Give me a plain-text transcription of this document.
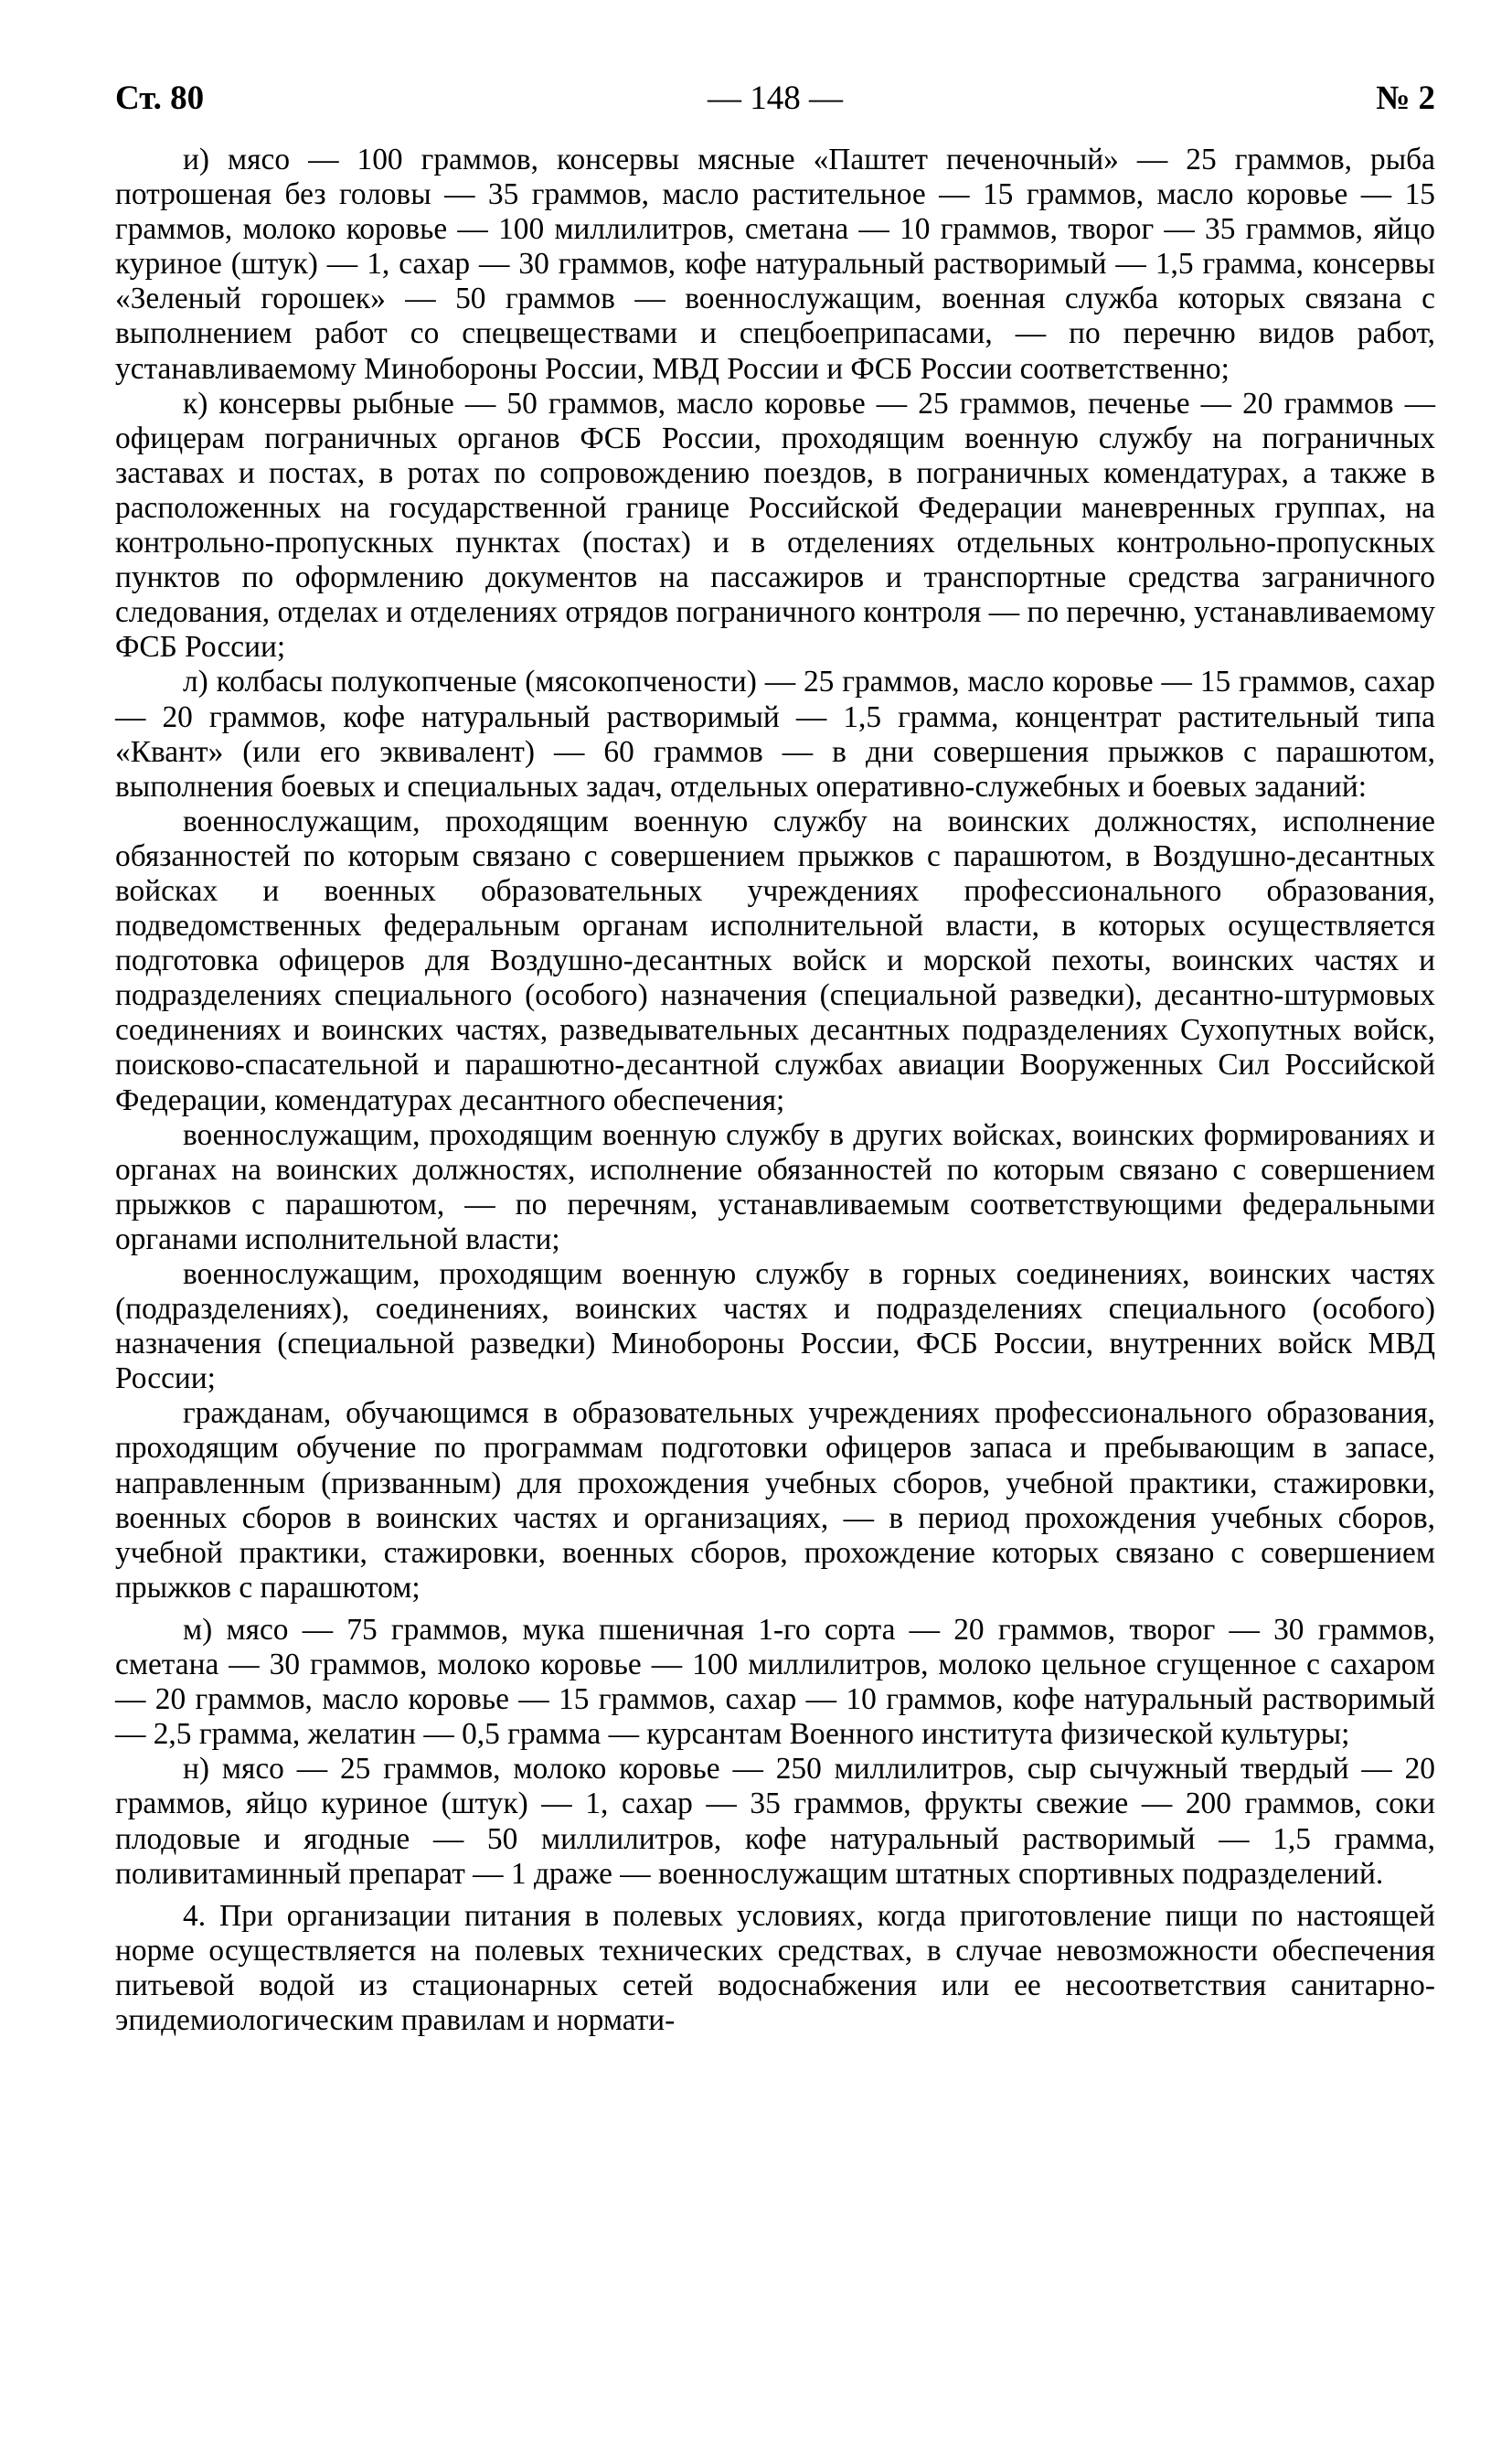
Ст. 80	— 148 —	№ 2

и) мясо — 100 граммов, консервы мясные «Паштет печеночный» — 25 граммов, рыба потрошеная без головы — 35 граммов, масло растительное — 15 граммов, масло коровье — 15 граммов, молоко коровье — 100 миллилитров, сметана — 10 граммов, творог — 35 граммов, яйцо куриное (штук) — 1, сахар — 30 граммов, кофе натуральный растворимый — 1,5 грамма, консервы «Зеленый горошек» — 50 граммов — военнослужащим, военная служба которых связана с выполнением работ со спецвеществами и спецбоеприпасами, — по перечню видов работ, устанавливаемому Минобороны России, МВД России и ФСБ России соответственно;

к) консервы рыбные — 50 граммов, масло коровье — 25 граммов, печенье — 20 граммов — офицерам пограничных органов ФСБ России, проходящим военную службу на пограничных заставах и постах, в ротах по сопровождению поездов, в пограничных комендатурах, а также в расположенных на государственной границе Российской Федерации маневренных группах, на контрольно-пропускных пунктах (постах) и в отделениях отдельных контрольно-пропускных пунктов по оформлению документов на пассажиров и транспортные средства заграничного следования, отделах и отделениях отрядов пограничного контроля — по перечню, устанавливаемому ФСБ России;

л) колбасы полукопченые (мясокопчености) — 25 граммов, масло коровье — 15 граммов, сахар — 20 граммов, кофе натуральный растворимый — 1,5 грамма, концентрат растительный типа «Квант» (или его эквивалент) — 60 граммов — в дни совершения прыжков с парашютом, выполнения боевых и специальных задач, отдельных оперативно-служебных и боевых заданий:

военнослужащим, проходящим военную службу на воинских должностях, исполнение обязанностей по которым связано с совершением прыжков с парашютом, в Воздушно-десантных войсках и военных образовательных учреждениях профессионального образования, подведомственных федеральным органам исполнительной власти, в которых осуществляется подготовка офицеров для Воздушно-десантных войск и морской пехоты, воинских частях и подразделениях специального (особого) назначения (специальной разведки), десантно-штурмовых соединениях и воинских частях, разведывательных десантных подразделениях Сухопутных войск, поисково-спасательной и парашютно-десантной службах авиации Вооруженных Сил Российской Федерации, комендатурах десантного обеспечения;

военнослужащим, проходящим военную службу в других войсках, воинских формированиях и органах на воинских должностях, исполнение обязанностей по которым связано с совершением прыжков с парашютом, — по перечням, устанавливаемым соответствующими федеральными органами исполнительной власти;

военнослужащим, проходящим военную службу в горных соединениях, воинских частях (подразделениях), соединениях, воинских частях и подразделениях специального (особого) назначения (специальной разведки) Минобороны России, ФСБ России, внутренних войск МВД России;

гражданам, обучающимся в образовательных учреждениях профессионального образования, проходящим обучение по программам подготовки офицеров запаса и пребывающим в запасе, направленным (призванным) для прохождения учебных сборов, учебной практики, стажировки, военных сборов в воинских частях и организациях, — в период прохождения учебных сборов, учебной практики, стажировки, военных сборов, прохождение которых связано с совершением прыжков с парашютом;

м) мясо — 75 граммов, мука пшеничная 1-го сорта — 20 граммов, творог — 30 граммов, сметана — 30 граммов, молоко коровье — 100 миллилитров, молоко цельное сгущенное с сахаром — 20 граммов, масло коровье — 15 граммов, сахар — 10 граммов, кофе натуральный растворимый — 2,5 грамма, желатин — 0,5 грамма — курсантам Военного института физической культуры;

н) мясо — 25 граммов, молоко коровье — 250 миллилитров, сыр сычужный твердый — 20 граммов, яйцо куриное (штук) — 1, сахар — 35 граммов, фрукты свежие — 200 граммов, соки плодовые и ягодные — 50 миллилитров, кофе натуральный растворимый — 1,5 грамма, поливитаминный препарат — 1 драже — военнослужащим штатных спортивных подразделений.

4. При организации питания в полевых условиях, когда приготовление пищи по настоящей норме осуществляется на полевых технических средствах, в случае невозможности обеспечения питьевой водой из стационарных сетей водоснабжения или ее несоответствия санитарно-эпидемиологическим правилам и нормати-
